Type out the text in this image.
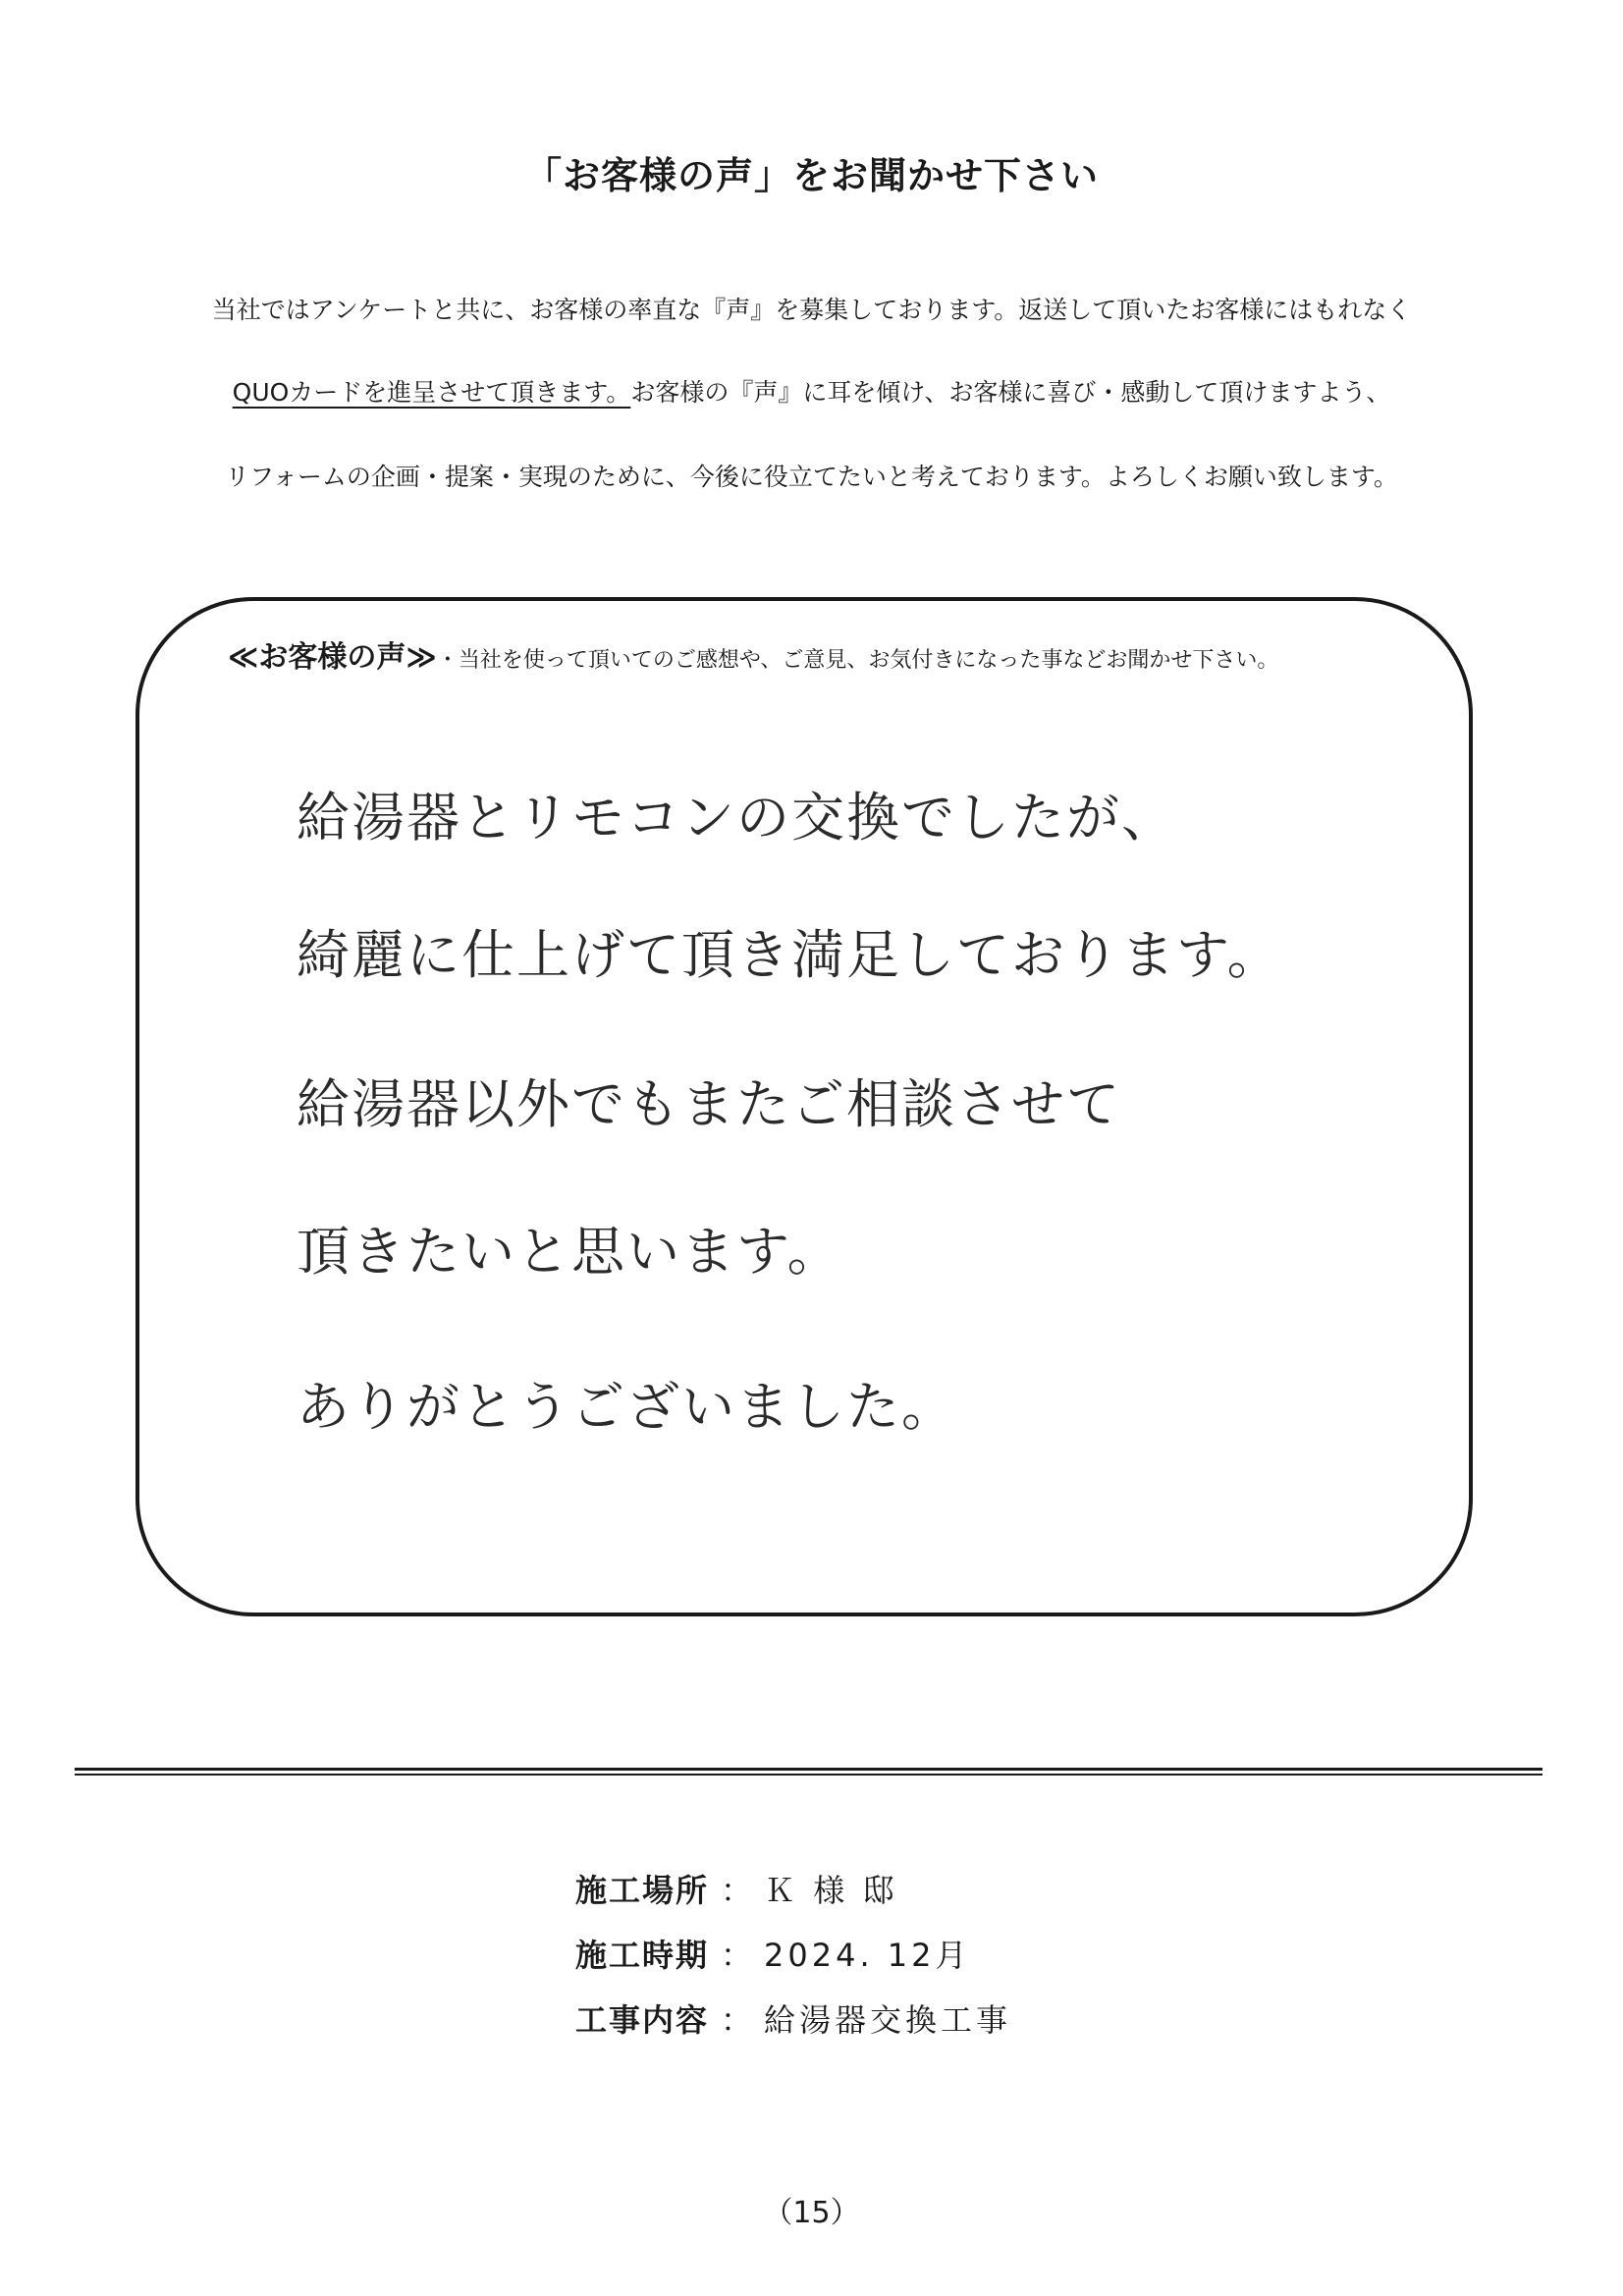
「お客様の声」をお聞かせ下さい
当社ではアンケートと共に、お客様の率直な『声』を募集しております。返送して頂いたお客様にはもれなく
QUOカードを進呈させて頂きます。お客様の『声』に耳を傾け、お客様に喜び・感動して頂けますよう、
リフォームの企画・提案・実現のために、今後に役立てたいと考えております。よろしくお願い致します。
≪お客様の声≫・当社を使って頂いてのご感想や、ご意見、お気付きになった事などお聞かせ下さい。
給湯器とリモコンの交換でしたが、
綺麗に仕上げて頂き満足しております。
給湯器以外でもまたご相談させて
頂きたいと思います。
ありがとうございました。
施工場所 ： Ｋ 様 邸
施工時期 ： 2024. 12月
工事内容 ： 給湯器交換工事
（15）
